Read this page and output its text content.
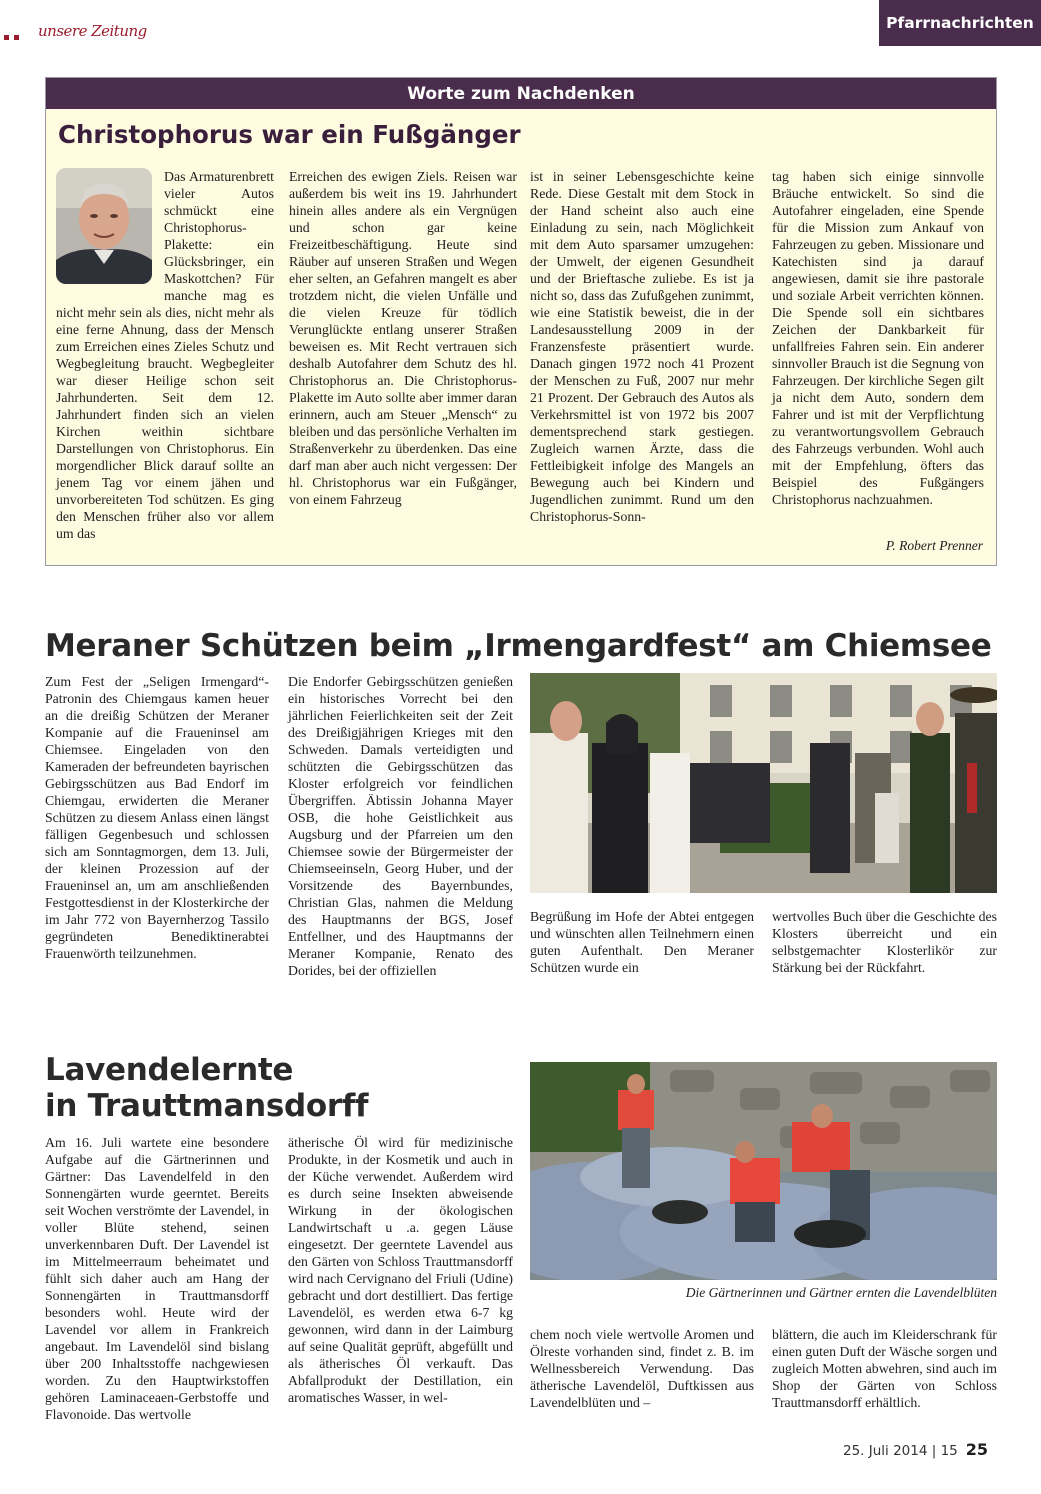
unsere Zeitung	Pfarrnachrichten
Worte zum Nachdenken
Christophorus war ein Fußgänger

Das Armaturenbrett vieler Autos schmückt eine Christophorus-Plakette: ein Glücksbringer, ein Maskottchen? Für manche mag es nicht mehr sein als dies, nicht mehr als eine ferne Ahnung, dass der Mensch zum Erreichen eines Zieles Schutz und Wegbegleitung braucht. Wegbegleiter war dieser Heilige schon seit Jahrhunderten. Seit dem 12. Jahrhundert finden sich an vielen Kirchen weithin sichtbare Darstellungen von Christophorus. Ein morgendlicher Blick darauf sollte an jenem Tag vor einem jähen und unvorbereiteten Tod schützen. Es ging den Menschen früher also vor allem um das

Erreichen des ewigen Ziels. Reisen war außerdem bis weit ins 19. Jahrhundert hinein alles andere als ein Vergnügen und schon gar keine Freizeitbeschäftigung. Heute sind Räuber auf unseren Straßen und Wegen eher selten, an Gefahren mangelt es aber trotzdem nicht, die vielen Unfälle und die vielen Kreuze für tödlich Verunglückte entlang unserer Straßen beweisen es. Mit Recht vertrauen sich deshalb Autofahrer dem Schutz des hl. Christophorus an. Die Christophorus-Plakette im Auto sollte aber immer daran erinnern, auch am Steuer „Mensch“ zu bleiben und das persönliche Verhalten im Straßenverkehr zu überdenken. Das eine darf man aber auch nicht vergessen: Der hl. Christophorus war ein Fußgänger, von einem Fahrzeug

ist in seiner Lebensgeschichte keine Rede. Diese Gestalt mit dem Stock in der Hand scheint also auch eine Einladung zu sein, nach Möglichkeit mit dem Auto sparsamer umzugehen: der Umwelt, der eigenen Gesundheit und der Brieftasche zuliebe. Es ist ja nicht so, dass das Zufußgehen zunimmt, wie eine Statistik beweist, die in der Landesausstellung 2009 in der Franzensfeste präsentiert wurde. Danach gingen 1972 noch 41 Prozent der Menschen zu Fuß, 2007 nur mehr 21 Prozent. Der Gebrauch des Autos als Verkehrsmittel ist von 1972 bis 2007 dementsprechend stark gestiegen. Zugleich warnen Ärzte, dass die Fettleibigkeit infolge des Mangels an Bewegung auch bei Kindern und Jugendlichen zunimmt. Rund um den Christophorus-Sonn-

tag haben sich einige sinnvolle Bräuche entwickelt. So sind die Autofahrer eingeladen, eine Spende für die Mission zum Ankauf von Fahrzeugen zu geben. Missionare und Katechisten sind ja darauf angewiesen, damit sie ihre pastorale und soziale Arbeit verrichten können. Die Spende soll ein sichtbares Zeichen der Dankbarkeit für unfallfreies Fahren sein. Ein anderer sinnvoller Brauch ist die Segnung von Fahrzeugen. Der kirchliche Segen gilt ja nicht dem Auto, sondern dem Fahrer und ist mit der Verpflichtung zu verantwortungsvollem Gebrauch des Fahrzeugs verbunden. Wohl auch mit der Empfehlung, öfters das Beispiel des Fußgängers Christophorus nachzuahmen.

P. Robert Prenner
Meraner Schützen beim „Irmengardfest“ am Chiemsee

Zum Fest der „Seligen Irmengard“-Patronin des Chiemgaus kamen heuer an die dreißig Schützen der Meraner Kompanie auf die Fraueninsel am Chiemsee. Eingeladen von den Kameraden der befreundeten bayrischen Gebirgsschützen aus Bad Endorf im Chiemgau, erwiderten die Meraner Schützen zu diesem Anlass einen längst fälligen Gegenbesuch und schlossen sich am Sonntagmorgen, dem 13. Juli, der kleinen Prozession auf der Fraueninsel an, um am anschließenden Festgottesdienst in der Klosterkirche der im Jahr 772 von Bayernherzog Tassilo gegründeten Benediktinerabtei Frauenwörth teilzunehmen.

Die Endorfer Gebirgsschützen genießen ein historisches Vorrecht bei den jährlichen Feierlichkeiten seit der Zeit des Dreißigjährigen Krieges mit den Schweden. Damals verteidigten und schützten die Gebirgsschützen das Kloster erfolgreich vor feindlichen Übergriffen. Äbtissin Johanna Mayer OSB, die hohe Geistlichkeit aus Augsburg und der Pfarreien um den Chiemsee sowie der Bürgermeister der Chiemseeinseln, Georg Huber, und der Vorsitzende des Bayernbundes, Christian Glas, nahmen die Meldung des Hauptmanns der BGS, Josef Entfellner, und des Hauptmanns der Meraner Kompanie, Renato des Dorides, bei der offiziellen

Begrüßung im Hofe der Abtei entgegen und wünschten allen Teilnehmern einen guten Aufenthalt. Den Meraner Schützen wurde ein

wertvolles Buch über die Geschichte des Klosters überreicht und ein selbstgemachter Klosterlikör zur Stärkung bei der Rückfahrt.

Lavendelernte
in Trauttmansdorff

Am 16. Juli wartete eine besondere Aufgabe auf die Gärtnerinnen und Gärtner: Das Lavendelfeld in den Sonnengärten wurde geerntet. Bereits seit Wochen verströmte der Lavendel, in voller Blüte stehend, seinen unverkennbaren Duft. Der Lavendel ist im Mittelmeerraum beheimatet und fühlt sich daher auch am Hang der Sonnengärten in Trauttmansdorff besonders wohl. Heute wird der Lavendel vor allem in Frankreich angebaut. Im Lavendelöl sind bislang über 200 Inhaltsstoffe nachgewiesen worden. Zu den Hauptwirkstoffen gehören Laminaceaen-Gerbstoffe und Flavonoide. Das wertvolle

ätherische Öl wird für medizinische Produkte, in der Kosmetik und auch in der Küche verwendet. Außerdem wird es durch seine Insekten abweisende Wirkung in der ökologischen Landwirtschaft u .a. gegen Läuse eingesetzt. Der geerntete Lavendel aus den Gärten von Schloss Trauttmansdorff wird nach Cervignano del Friuli (Udine) gebracht und dort destilliert. Das fertige Lavendelöl, es werden etwa 6-7 kg gewonnen, wird dann in der Laimburg auf seine Qualität geprüft, abgefüllt und als ätherisches Öl verkauft. Das Abfallprodukt der Destillation, ein aromatisches Wasser, in wel-

Die Gärtnerinnen und Gärtner ernten die Lavendelblüten

chem noch viele wertvolle Aromen und Ölreste vorhanden sind, findet z. B. im Wellnessbereich Verwendung. Das ätherische Lavendelöl, Duftkissen aus Lavendelblüten und –

blättern, die auch im Kleiderschrank für einen guten Duft der Wäsche sorgen und zugleich Motten abwehren, sind auch im Shop der Gärten von Schloss Trauttmansdorff erhältlich.

25. Juli 2014 | 15 25
